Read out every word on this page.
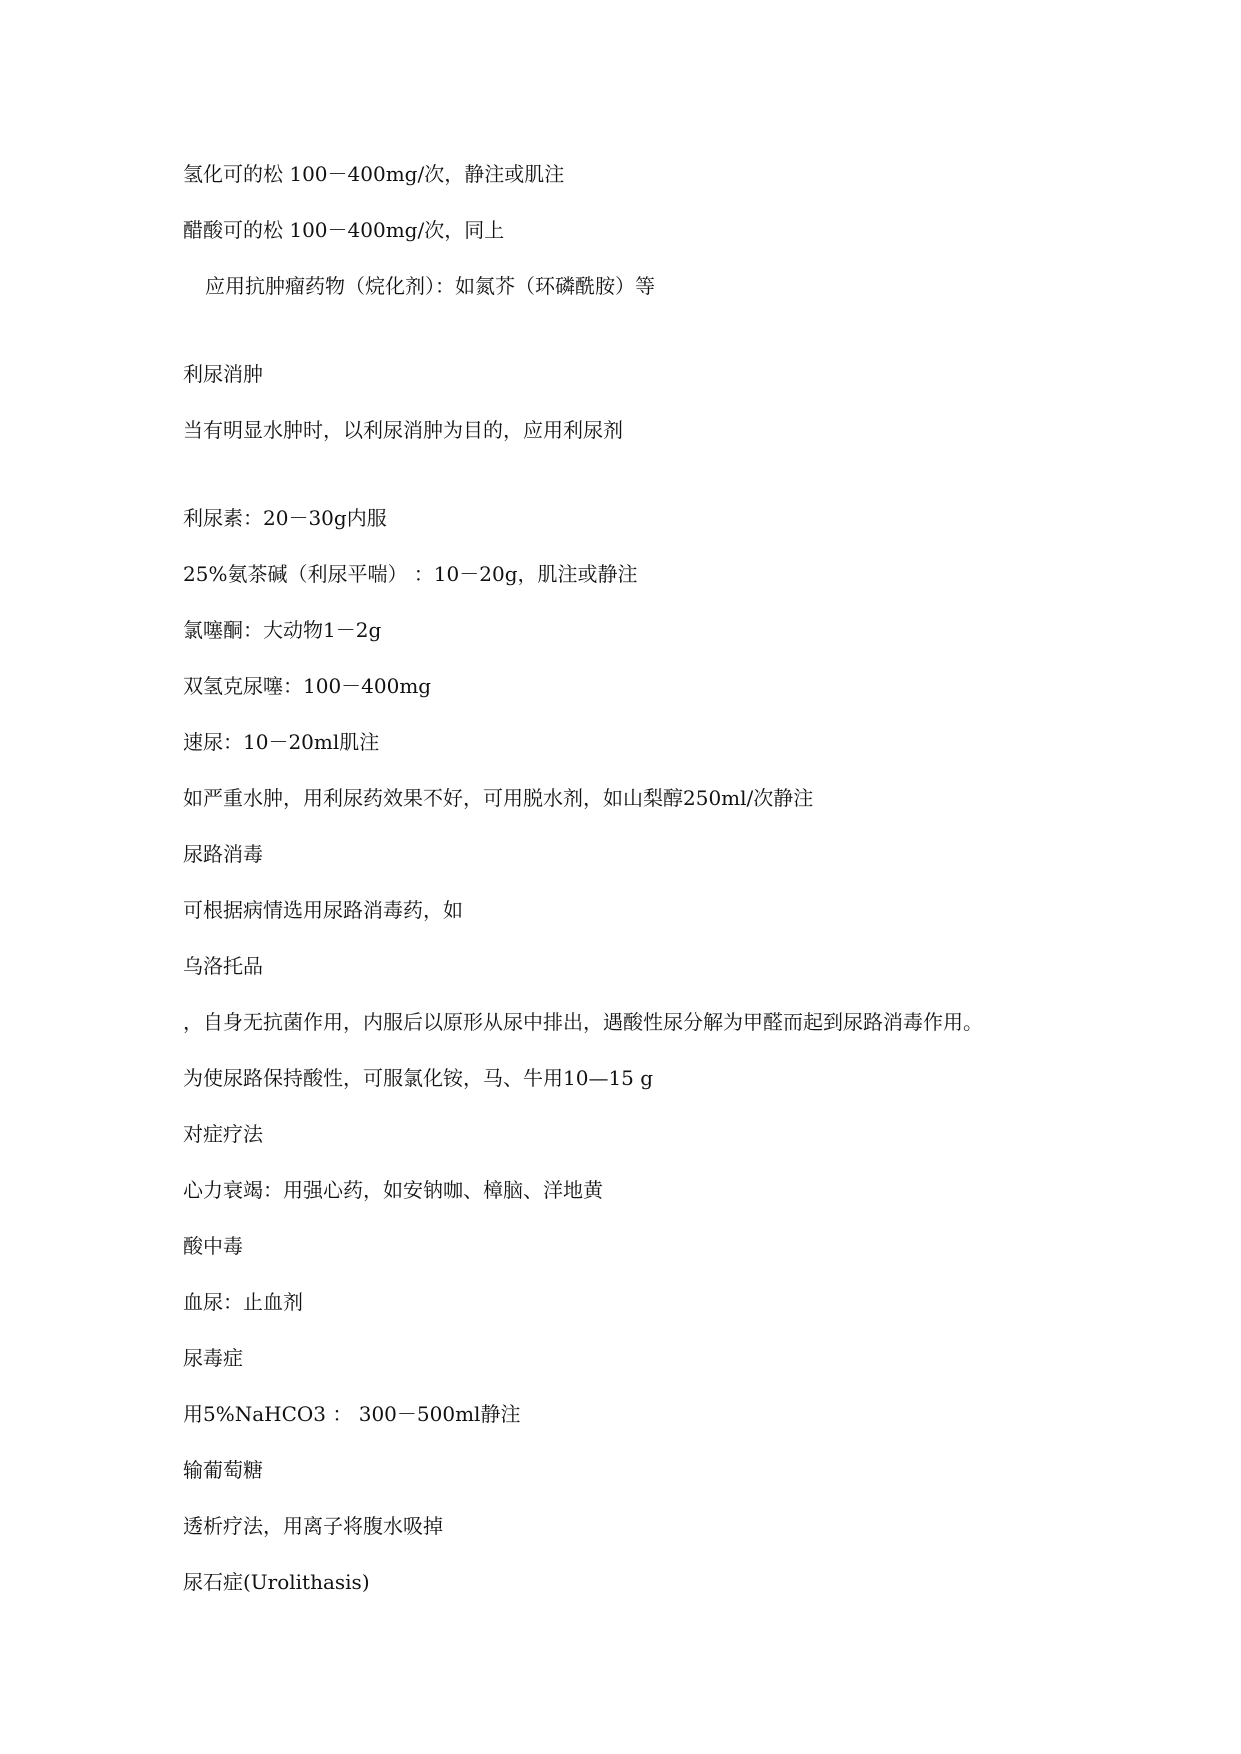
氢化可的松 100－400mg/次，静注或肌注
醋酸可的松 100－400mg/次，同上
应用抗肿瘤药物（烷化剂）：如氮芥（环磷酰胺）等
利尿消肿
当有明显水肿时，以利尿消肿为目的，应用利尿剂
利尿素：20－30g内服
25%氨茶碱（利尿平喘） ：10－20g，肌注或静注
氯噻酮：大动物1－2g
双氢克尿噻：100－400mg
速尿：10－20ml肌注
如严重水肿，用利尿药效果不好，可用脱水剂，如山梨醇250ml/次静注
尿路消毒
可根据病情选用尿路消毒药，如
乌洛托品
，自身无抗菌作用，内服后以原形从尿中排出，遇酸性尿分解为甲醛而起到尿路消毒作用。
为使尿路保持酸性，可服氯化铵，马、牛用10—15 g
对症疗法
心力衰竭：用强心药，如安钠咖、樟脑、洋地黄
酸中毒
血尿：止血剂
尿毒症
用5%NaHCO3 ： 300－500ml静注
输葡萄糖
透析疗法，用离子将腹水吸掉
尿石症(Urolithasis)
